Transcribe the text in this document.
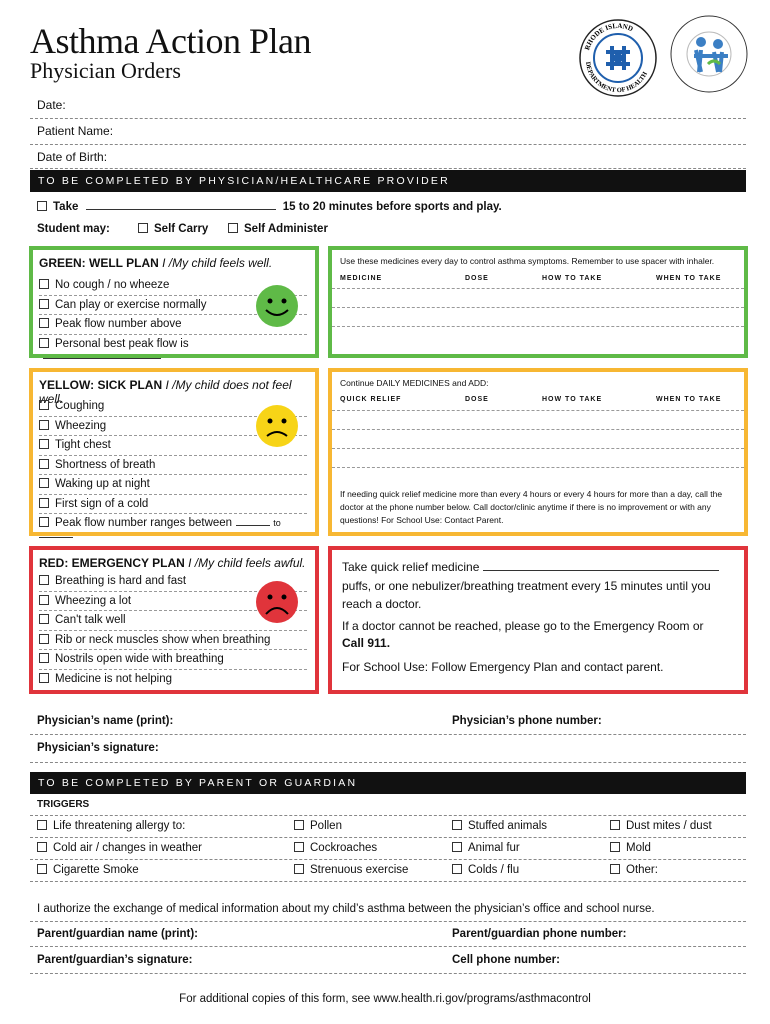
Asthma Action Plan
Physician Orders
RHODE ISLAND
DEPARTMENT OF HEALTH
Date:
Patient Name:
Date of Birth:
TO BE COMPLETED BY PHYSICIAN/HEALTHCARE PROVIDER
Take	15 to 20 minutes before sports and play.
Student may:	Self Carry	Self Administer
GREEN: WELL PLAN I /My child feels well.
No cough / no wheeze
Can play or exercise normally
Peak flow number above
Personal best peak flow is
Use these medicines every day to control asthma symptoms. Remember to use spacer with inhaler.
MEDICINE	DOSE	HOW TO TAKE	WHEN TO TAKE
YELLOW: SICK PLAN I /My child does not feel well.
Coughing
Wheezing
Tight chest
Shortness of breath
Waking up at night
First sign of a cold
Peak flow number ranges between	to
Continue DAILY MEDICINES and ADD:
QUICK RELIEF	DOSE	HOW TO TAKE	WHEN TO TAKE
If needing quick relief medicine more than every 4 hours or every 4 hours for more than a day, call the doctor at the phone number below. Call doctor/clinic anytime if there is no improvement or with any questions! For School Use: Contact Parent.
RED: EMERGENCY PLAN I /My child feels awful.
Breathing is hard and fast
Wheezing a lot
Can't talk well
Rib or neck muscles show when breathing
Nostrils open wide with breathing
Medicine is not helping
Take quick relief medicine
puffs, or one nebulizer/breathing treatment every 15 minutes until you reach a doctor.
If a doctor cannot be reached, please go to the Emergency Room or
Call 911.
For School Use: Follow Emergency Plan and contact parent.
Physician’s name (print):	Physician’s phone number:
Physician’s signature:
TO BE COMPLETED BY PARENT OR GUARDIAN
TRIGGERS
Life threatening allergy to:	Pollen	Stuffed animals	Dust mites / dust
Cold air / changes in weather	Cockroaches	Animal fur	Mold
Cigarette Smoke	Strenuous exercise	Colds / flu	Other:
I authorize the exchange of medical information about my child’s asthma between the physician’s office and school nurse.
Parent/guardian name (print):	Parent/guardian phone number:
Parent/guardian’s signature:	Cell phone number:
For additional copies of this form, see www.health.ri.gov/programs/asthmacontrol
